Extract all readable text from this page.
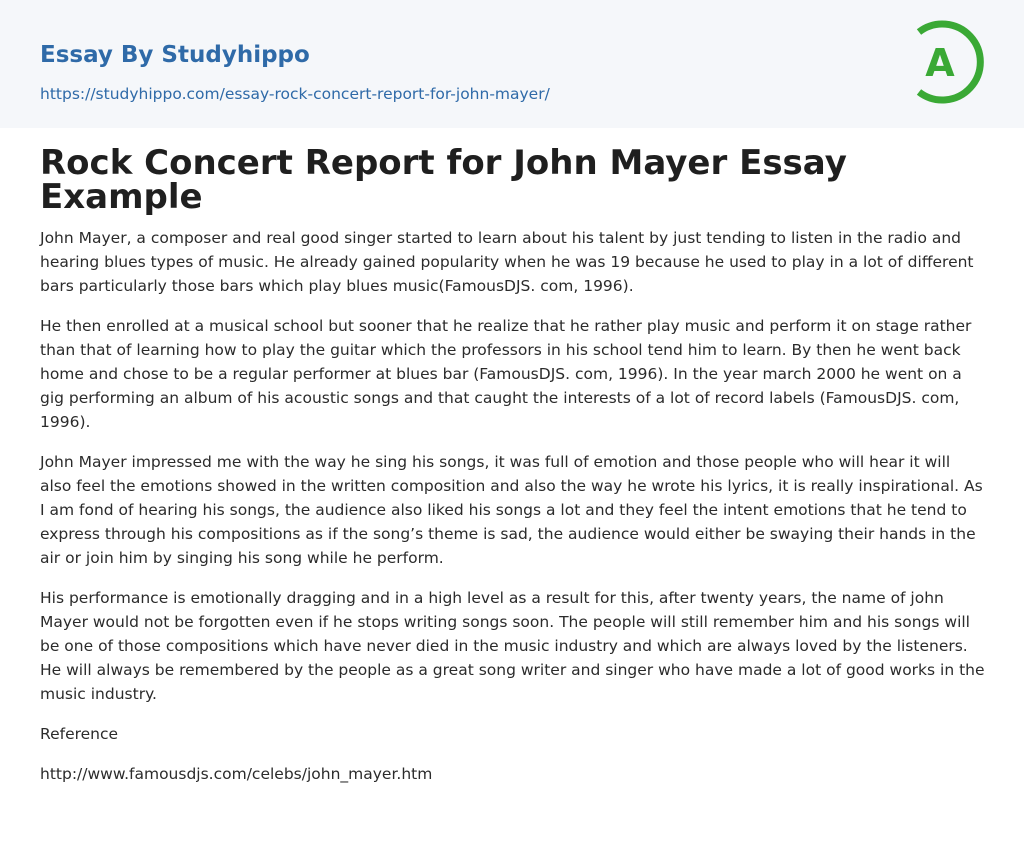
Essay By Studyhippo
https://studyhippo.com/essay-rock-concert-report-for-john-mayer/
A
Rock Concert Report for John Mayer Essay Example

John Mayer, a composer and real good singer started to learn about his talent by just tending to listen in the radio and hearing blues types of music. He already gained popularity when he was 19 because he used to play in a lot of different bars particularly those bars which play blues music(FamousDJS. com, 1996).

He then enrolled at a musical school but sooner that he realize that he rather play music and perform it on stage rather than that of learning how to play the guitar which the professors in his school tend him to learn. By then he went back home and chose to be a regular performer at blues bar (FamousDJS. com, 1996). In the year march 2000 he went on a gig performing an album of his acoustic songs and that caught the interests of a lot of record labels (FamousDJS. com, 1996).

John Mayer impressed me with the way he sing his songs, it was full of emotion and those people who will hear it will also feel the emotions showed in the written composition and also the way he wrote his lyrics, it is really inspirational. As I am fond of hearing his songs, the audience also liked his songs a lot and they feel the intent emotions that he tend to express through his compositions as if the song’s theme is sad, the audience would either be swaying their hands in the air or join him by singing his song while he perform.

His performance is emotionally dragging and in a high level as a result for this, after twenty years, the name of john Mayer would not be forgotten even if he stops writing songs soon. The people will still remember him and his songs will be one of those compositions which have never died in the music industry and which are always loved by the listeners. He will always be remembered by the people as a great song writer and singer who have made a lot of good works in the music industry.

Reference

http://www.famousdjs.com/celebs/john_mayer.htm
